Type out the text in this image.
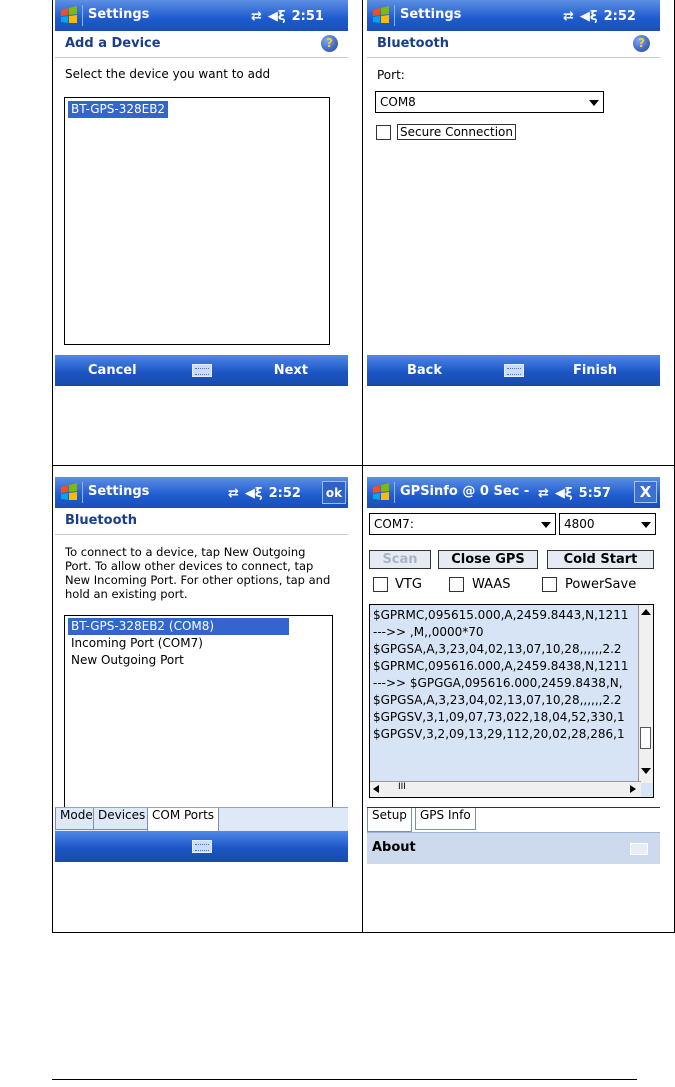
Settings	⇄ ◀︎ξ 2:51
Add a Device	?
Select the device you want to add
BT-GPS-328EB2
Cancel	Next
Settings	⇄ ◀︎ξ 2:52
Bluetooth	?
Port:
COM8
Secure Connection
Back	Finish
Settings	⇄ ◀︎ξ 2:52	ok
Bluetooth
To connect to a device, tap New Outgoing
Port. To allow other devices to connect, tap
New Incoming Port. For other options, tap and
hold an existing port.
BT-GPS-328EB2 (COM8)
Incoming Port (COM7)
New Outgoing Port
Mode Devices COM Ports
GPSinfo @ 0 Sec - ⇄ ◀︎ξ 5:57	X
COM7:	4800
Scan	Close GPS	Cold Start
VTG	WAAS	PowerSave
$GPRMC,095615.000,A,2459.8443,N,1211
--->> ,M,,0000*70
$GPGSA,A,3,23,04,02,13,07,10,28,,,,,,2.2
$GPRMC,095616.000,A,2459.8438,N,1211
--->> $GPGGA,095616.000,2459.8438,N,
$GPGSA,A,3,23,04,02,13,07,10,28,,,,,,2.2
$GPGSV,3,1,09,07,73,022,18,04,52,330,1
$GPGSV,3,2,09,13,29,112,20,02,28,286,1
III
Setup	GPS Info
About
